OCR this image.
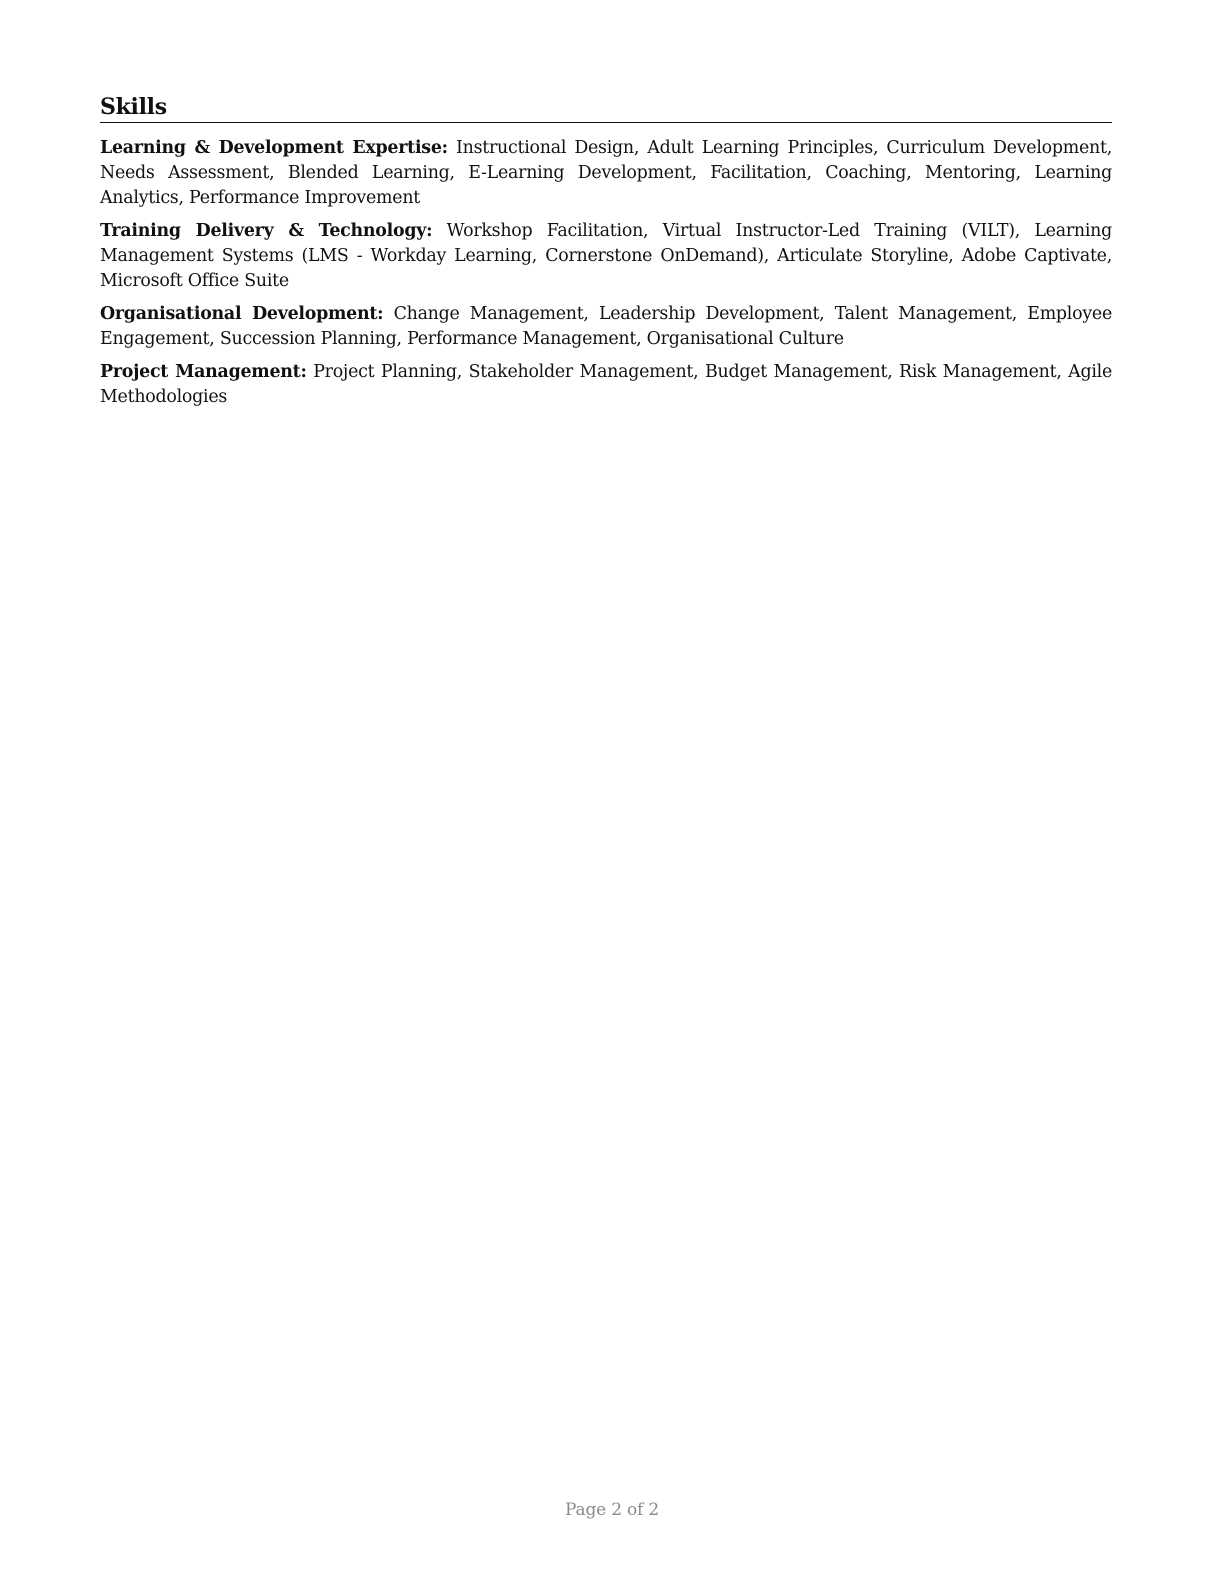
Skills

Learning & Development Expertise: Instructional Design, Adult Learning Principles, Curriculum Development, Needs Assessment, Blended Learning, E-Learning Development, Facilitation, Coaching, Mentoring, Learning Analytics, Performance Improvement

Training Delivery & Technology: Workshop Facilitation, Virtual Instructor-Led Training (VILT), Learning Management Systems (LMS - Workday Learning, Cornerstone OnDemand), Articulate Storyline, Adobe Captivate, Microsoft Office Suite

Organisational Development: Change Management, Leadership Development, Talent Management, Employee Engagement, Succession Planning, Performance Management, Organisational Culture

Project Management: Project Planning, Stakeholder Management, Budget Management, Risk Management, Agile Methodologies

Page 2 of 2
